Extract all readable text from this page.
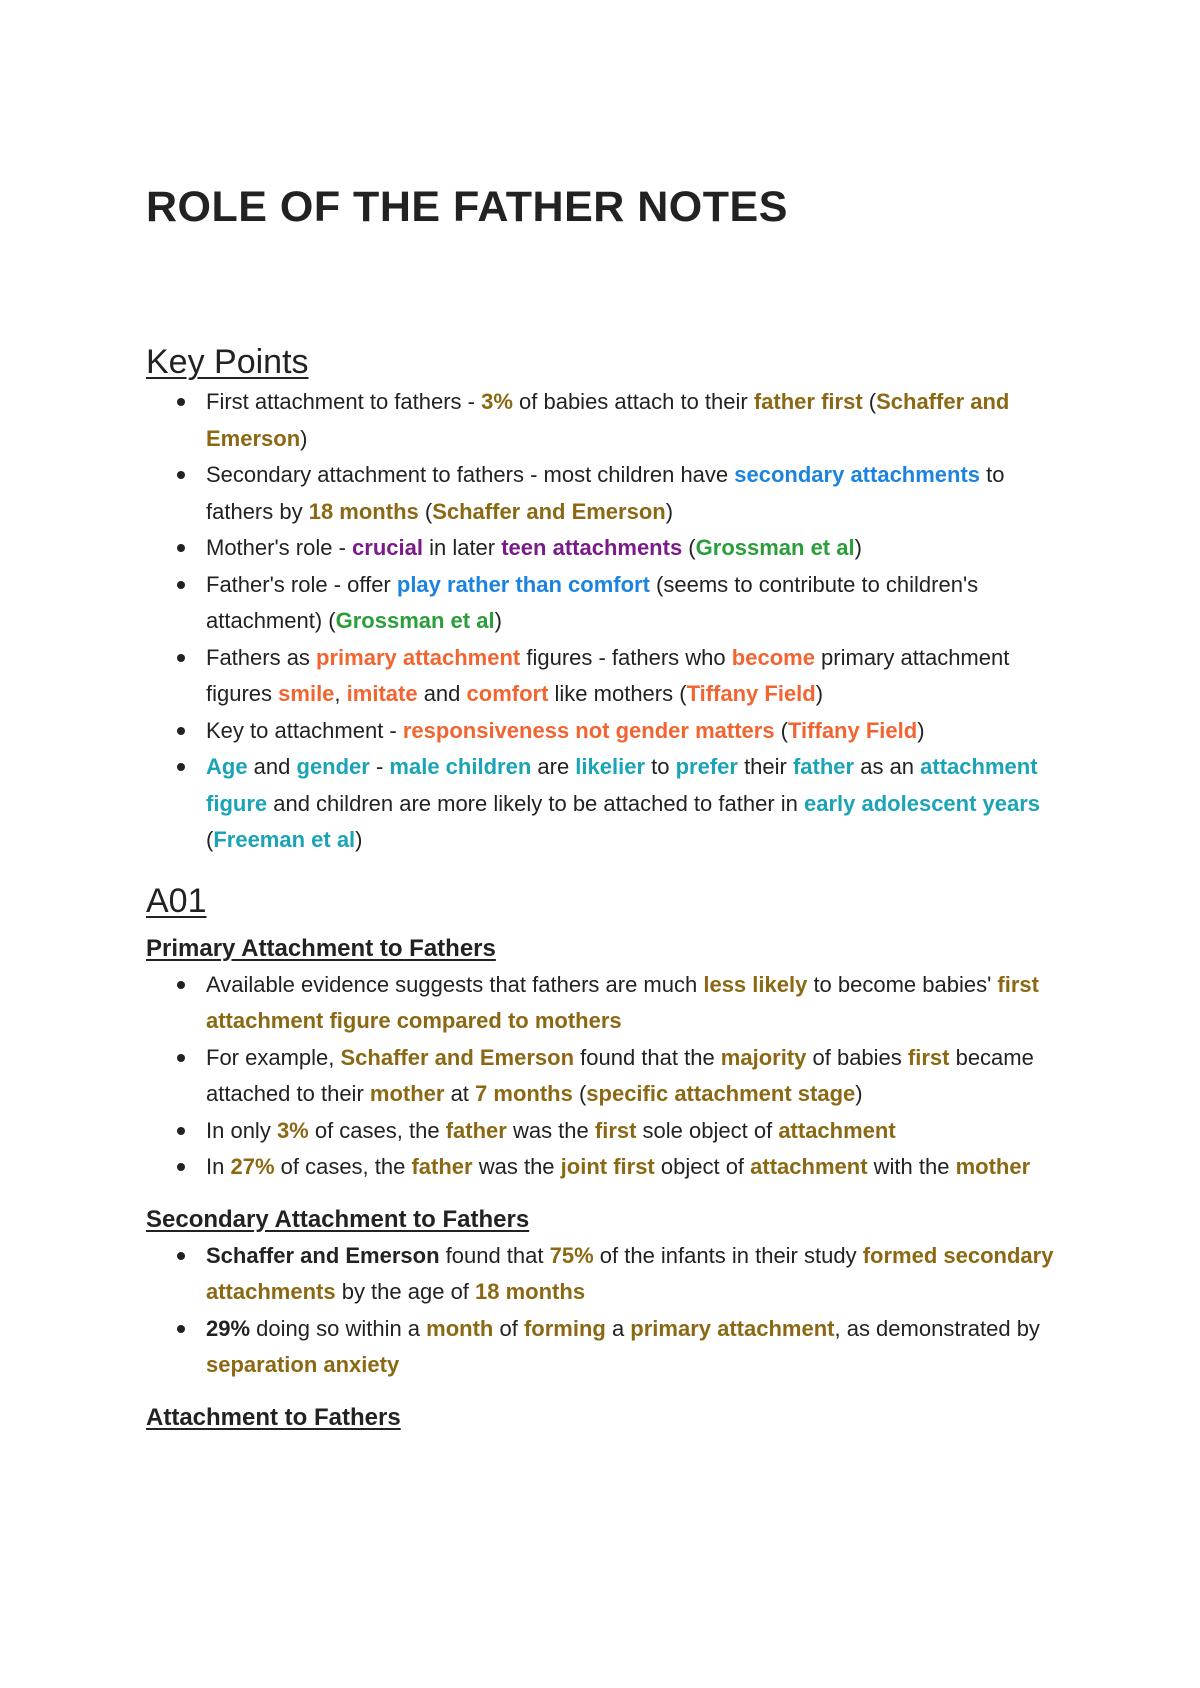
ROLE OF THE FATHER NOTES
Key Points
First attachment to fathers - 3% of babies attach to their father first (Schaffer and Emerson)
Secondary attachment to fathers - most children have secondary attachments to fathers by 18 months (Schaffer and Emerson)
Mother's role - crucial in later teen attachments (Grossman et al)
Father's role - offer play rather than comfort (seems to contribute to children's attachment) (Grossman et al)
Fathers as primary attachment figures - fathers who become primary attachment figures smile, imitate and comfort like mothers (Tiffany Field)
Key to attachment - responsiveness not gender matters (Tiffany Field)
Age and gender - male children are likelier to prefer their father as an attachment figure and children are more likely to be attached to father in early adolescent years (Freeman et al)
A01
Primary Attachment to Fathers
Available evidence suggests that fathers are much less likely to become babies' first attachment figure compared to mothers
For example, Schaffer and Emerson found that the majority of babies first became attached to their mother at 7 months (specific attachment stage)
In only 3% of cases, the father was the first sole object of attachment
In 27% of cases, the father was the joint first object of attachment with the mother
Secondary Attachment to Fathers
Schaffer and Emerson found that 75% of the infants in their study formed secondary attachments by the age of 18 months
29% doing so within a month of forming a primary attachment, as demonstrated by separation anxiety
Attachment to Fathers
